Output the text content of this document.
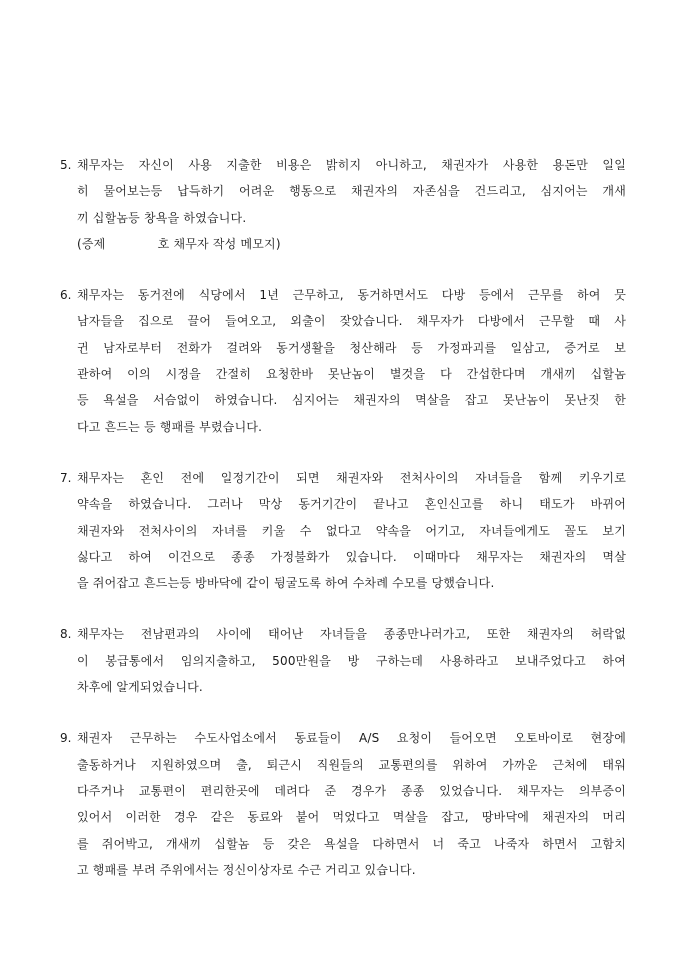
5. 채무자는 자신이 사용 지출한 비용은 밝히지 아니하고, 채권자가 사용한 용돈만 일일
히 물어보는등 납득하기 어려운 행동으로 채권자의 자존심을 건드리고, 심지어는 개새
끼 십할놈등 창욕을 하였습니다.
(증제             호 채무자 작성 메모지)
6. 채무자는 동거전에 식당에서 1년 근무하고, 동거하면서도 다방 등에서 근무를 하여 뭇
남자들을 집으로 끌어 들여오고, 외출이 잦았습니다. 채무자가 다방에서 근무할 때 사
귄 남자로부터 전화가 걸려와 동거생활을 청산해라 등 가정파괴를 일삼고, 증거로 보
관하여 이의 시정을 간절히 요청한바 못난놈이 별것을 다 간섭한다며 개새끼 십할놈
등 욕설을 서슴없이 하였습니다. 심지어는 채권자의 멱살을 잡고 못난놈이 못난짓 한
다고 흔드는 등 행패를 부렸습니다.
7. 채무자는 혼인 전에 일정기간이 되면 채권자와 전처사이의 자녀들을 함께 키우기로
약속을 하였습니다. 그러나 막상 동거기간이 끝나고 혼인신고를 하니 태도가 바뀌어
채권자와 전처사이의 자녀를 키울 수 없다고 약속을 어기고, 자녀들에게도 꼴도 보기
싫다고 하여 이건으로 종종 가정불화가 있습니다. 이때마다 채무자는 채권자의 멱살
을 쥐어잡고 흔드는등 방바닥에 같이 뒹굴도록 하여 수차례 수모를 당했습니다.
8. 채무자는 전남편과의 사이에 태어난 자녀들을 종종만나러가고, 또한 채권자의 허락없
이 봉급통에서 임의지출하고, 500만원을 방 구하는데 사용하라고 보내주었다고 하여
차후에 알게되었습니다.
9. 채권자 근무하는 수도사업소에서 동료들이 A/S 요청이 들어오면 오토바이로 현장에
출동하거나 지원하였으며 출, 퇴근시 직원들의 교통편의를 위하여 가까운 근처에 태워
다주거나 교통편이 편리한곳에 데려다 준 경우가 종종 있었습니다. 채무자는 의부증이
있어서 이러한 경우 같은 동료와 붙어 먹었다고 멱살을 잡고, 땅바닥에 채권자의 머리
를 쥐어박고, 개새끼 십할놈 등 갖은 욕설을 다하면서 너 죽고 나죽자 하면서 고함치
고 행패를 부려 주위에서는 정신이상자로 수근 거리고 있습니다.
